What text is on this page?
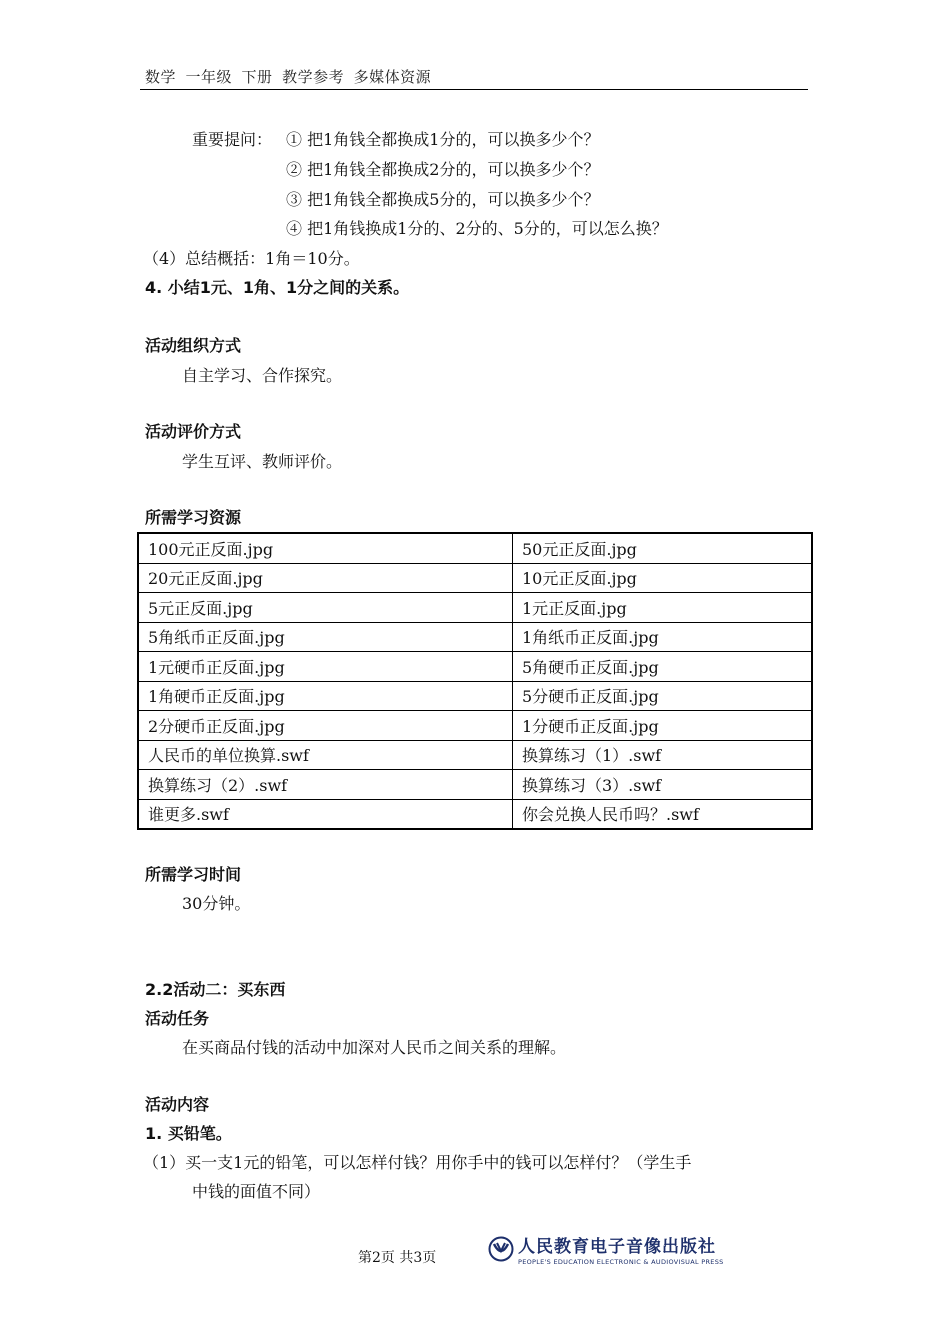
数学 一年级 下册 教学参考 多媒体资源
重要提问： ① 把1角钱全都换成1分的，可以换多少个？
② 把1角钱全都换成2分的，可以换多少个？
③ 把1角钱全都换成5分的，可以换多少个？
④ 把1角钱换成1分的、2分的、5分的，可以怎么换？
（4）总结概括：1角＝10分。
4. 小结1元、1角、1分之间的关系。
活动组织方式
自主学习、合作探究。
活动评价方式
学生互评、教师评价。
所需学习资源
100元正反面.jpg	50元正反面.jpg
20元正反面.jpg	10元正反面.jpg
5元正反面.jpg	1元正反面.jpg
5角纸币正反面.jpg	1角纸币正反面.jpg
1元硬币正反面.jpg	5角硬币正反面.jpg
1角硬币正反面.jpg	5分硬币正反面.jpg
2分硬币正反面.jpg	1分硬币正反面.jpg
人民币的单位换算.swf	换算练习（1）.swf
换算练习（2）.swf	换算练习（3）.swf
谁更多.swf	你会兑换人民币吗？.swf
所需学习时间
30分钟。
2.2活动二：买东西
活动任务
在买商品付钱的活动中加深对人民币之间关系的理解。
活动内容
1. 买铅笔。
（1）买一支1元的铅笔，可以怎样付钱？用你手中的钱可以怎样付？（学生手
中钱的面值不同）
第2页 共3页
人民教育电子音像出版社
PEOPLE'S EDUCATION ELECTRONIC & AUDIOVISUAL PRESS
